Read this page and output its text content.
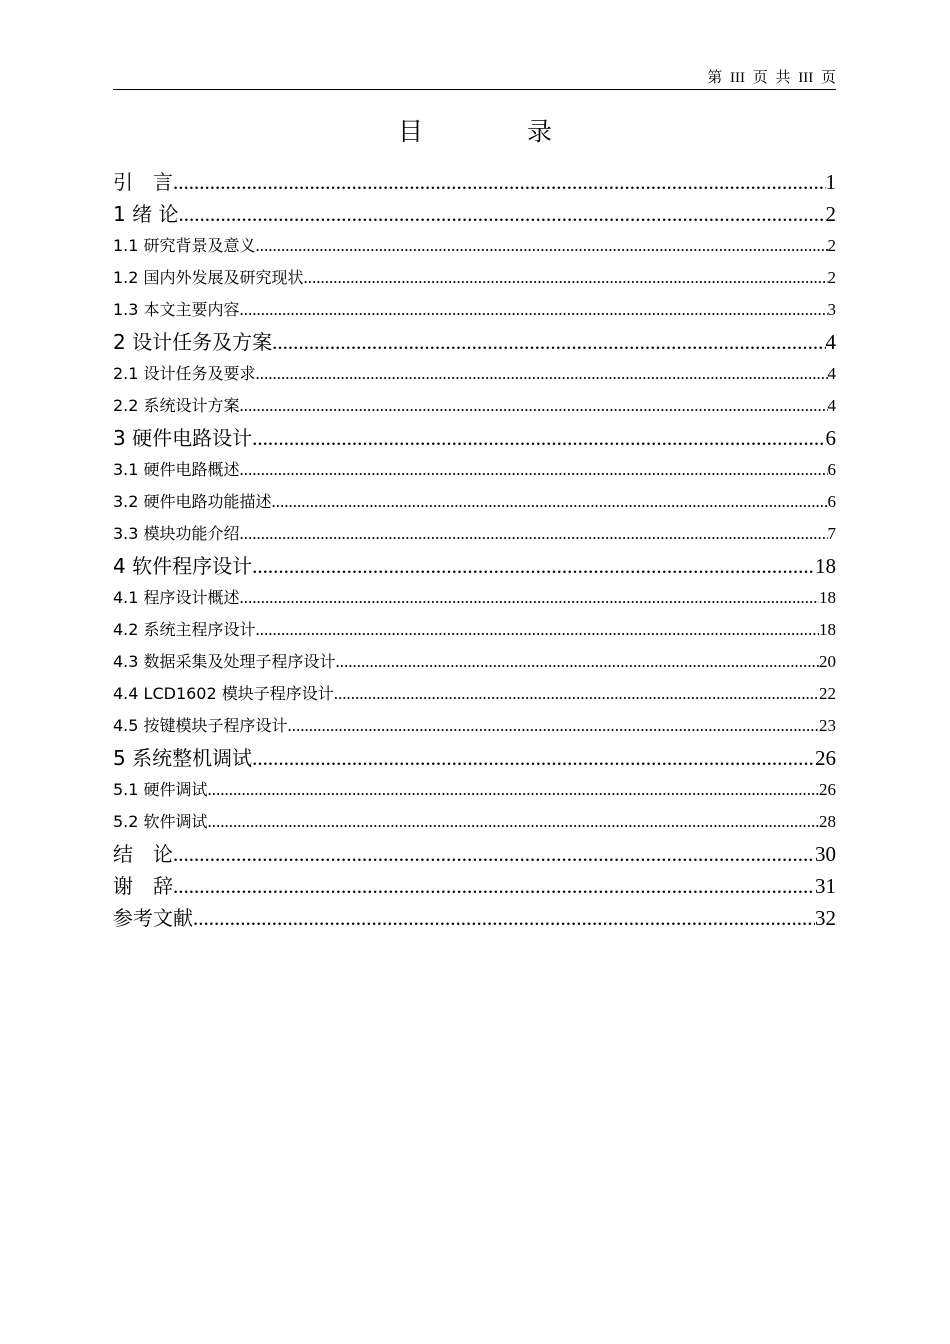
第 III 页 共 III 页
目 录
引　言 .....	1
1 绪 论 .....	2
1.1 研究背景及意义 .....	2
1.2 国内外发展及研究现状 .....	2
1.3 本文主要内容 .....	3
2 设计任务及方案 .....	4
2.1 设计任务及要求 .....	4
2.2 系统设计方案 .....	4
3 硬件电路设计 .....	6
3.1 硬件电路概述 .....	6
3.2 硬件电路功能描述 .....	6
3.3 模块功能介绍 .....	7
4 软件程序设计 .....	18
4.1 程序设计概述 .....	18
4.2 系统主程序设计 .....	18
4.3 数据采集及处理子程序设计 .....	20
4.4 LCD1602 模块子程序设计 .....	22
4.5 按键模块子程序设计 .....	23
5 系统整机调试 .....	26
5.1 硬件调试 .....	26
5.2 软件调试 .....	28
结　论 .....	30
谢　辞 .....	31
参考文献 .....	32
